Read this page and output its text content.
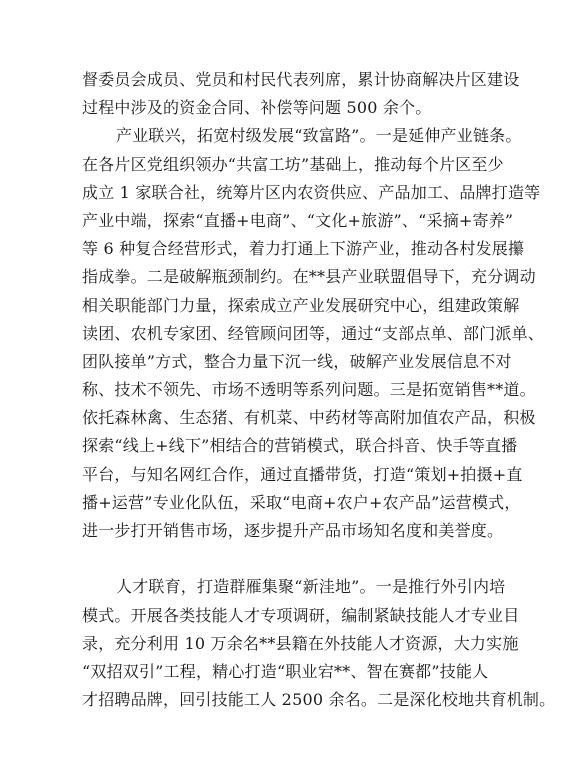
督委员会成员、党员和村民代表列席，累计协商解决片区建设
过程中涉及的资金合同、补偿等问题 500 余个。
产业联兴，拓宽村级发展“致富路”。一是延伸产业链条。
在各片区党组织领办“共富工坊”基础上，推动每个片区至少
成立 1 家联合社，统筹片区内农资供应、产品加工、品牌打造等
产业中端，探索“直播+电商”、“文化+旅游”、“采摘+寄养”
等 6 种复合经营形式，着力打通上下游产业，推动各村发展攥
指成拳。二是破解瓶颈制约。在**县产业联盟倡导下，充分调动
相关职能部门力量，探索成立产业发展研究中心，组建政策解
读团、农机专家团、经管顾问团等，通过“支部点单、部门派单、
团队接单”方式，整合力量下沉一线，破解产业发展信息不对
称、技术不领先、市场不透明等系列问题。三是拓宽销售**道。
依托森林禽、生态猪、有机菜、中药材等高附加值农产品，积极
探索“线上+线下”相结合的营销模式，联合抖音、快手等直播
平台，与知名网红合作，通过直播带货，打造“策划+拍摄+直
播+运营”专业化队伍，采取“电商+农户+农产品”运营模式，
进一步打开销售市场，逐步提升产品市场知名度和美誉度。
人才联育，打造群雁集聚“新洼地”。一是推行外引内培
模式。开展各类技能人才专项调研，编制紧缺技能人才专业目
录，充分利用 10 万余名**县籍在外技能人才资源，大力实施
“双招双引”工程，精心打造“职业宕**、智在赛都”技能人
才招聘品牌，回引技能工人 2500 余名。二是深化校地共育机制。
